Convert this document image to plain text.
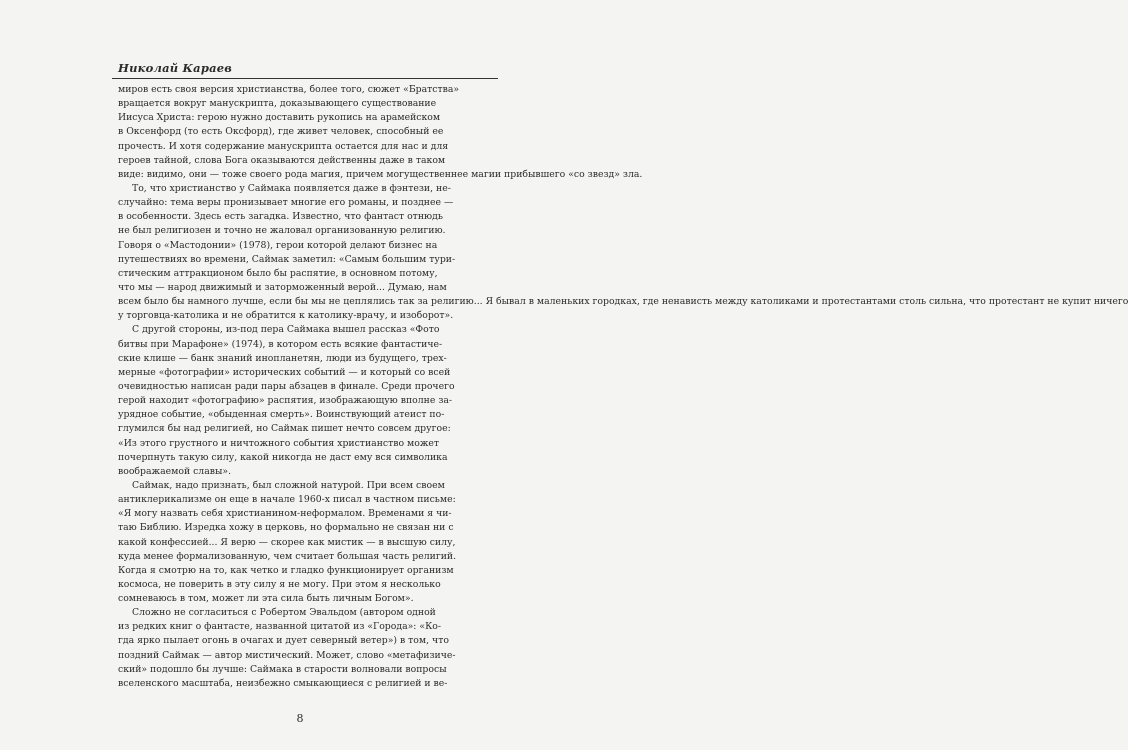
Николай Караев
миров есть своя версия христианства, более того, сюжет «Братства»
вращается вокруг манускрипта, доказывающего существование
Иисуса Христа: герою нужно доставить рукопись на арамейском
в Оксенфорд (то есть Оксфорд), где живет человек, способный ее
прочесть. И хотя содержание манускрипта остается для нас и для
героев тайной, слова Бога оказываются действенны даже в таком
виде: видимо, они — тоже своего рода магия, причем могущественнее магии прибывшего «со звезд» зла.
То, что христианство у Саймака появляется даже в фэнтези, не-
случайно: тема веры пронизывает многие его романы, и позднее —
в особенности. Здесь есть загадка. Известно, что фантаст отнюдь
не был религиозен и точно не жаловал организованную религию.
Говоря о «Мастодонии» (1978), герои которой делают бизнес на
путешествиях во времени, Саймак заметил: «Самым большим тури-
стическим аттракционом было бы распятие, в основном потому,
что мы — народ движимый и заторможенный верой... Думаю, нам
всем было бы намного лучше, если бы мы не цеплялись так за религию... Я бывал в маленьких городках, где ненависть между католиками и протестантами столь сильна, что протестант не купит ничего
у торговца-католика и не обратится к католику-врачу, и изоборот».
С другой стороны, из-под пера Саймака вышел рассказ «Фото
битвы при Марафоне» (1974), в котором есть всякие фантастиче-
ские клише — банк знаний инопланетян, люди из будущего, трех-
мерные «фотографии» исторических событий — и который со всей
очевидностью написан ради пары абзацев в финале. Среди прочего
герой находит «фотографию» распятия, изображающую вполне за-
урядное событие, «обыденная смерть». Воинствующий атеист по-
глумился бы над религией, но Саймак пишет нечто совсем другое:
«Из этого грустного и ничтожного события христианство может
почерпнуть такую силу, какой никогда не даст ему вся символика
воображаемой славы».
Саймак, надо признать, был сложной натурой. При всем своем
антиклерикализме он еще в начале 1960-х писал в частном письме:
«Я могу назвать себя христианином-неформалом. Временами я чи-
таю Библию. Изредка хожу в церковь, но формально не связан ни с
какой конфессией... Я верю — скорее как мистик — в высшую силу,
куда менее формализованную, чем считает большая часть религий.
Когда я смотрю на то, как четко и гладко функционирует организм
космоса, не поверить в эту силу я не могу. При этом я несколько
сомневаюсь в том, может ли эта сила быть личным Богом».
Сложно не согласиться с Робертом Эвальдом (автором одной
из редких книг о фантасте, названной цитатой из «Города»: «Ко-
гда ярко пылает огонь в очагах и дует северный ветер») в том, что
поздний Саймак — автор мистический. Может, слово «метафизиче-
ский» подошло бы лучше: Саймака в старости волновали вопросы
вселенского масштаба, неизбежно смыкающиеся с религией и ве-
8
